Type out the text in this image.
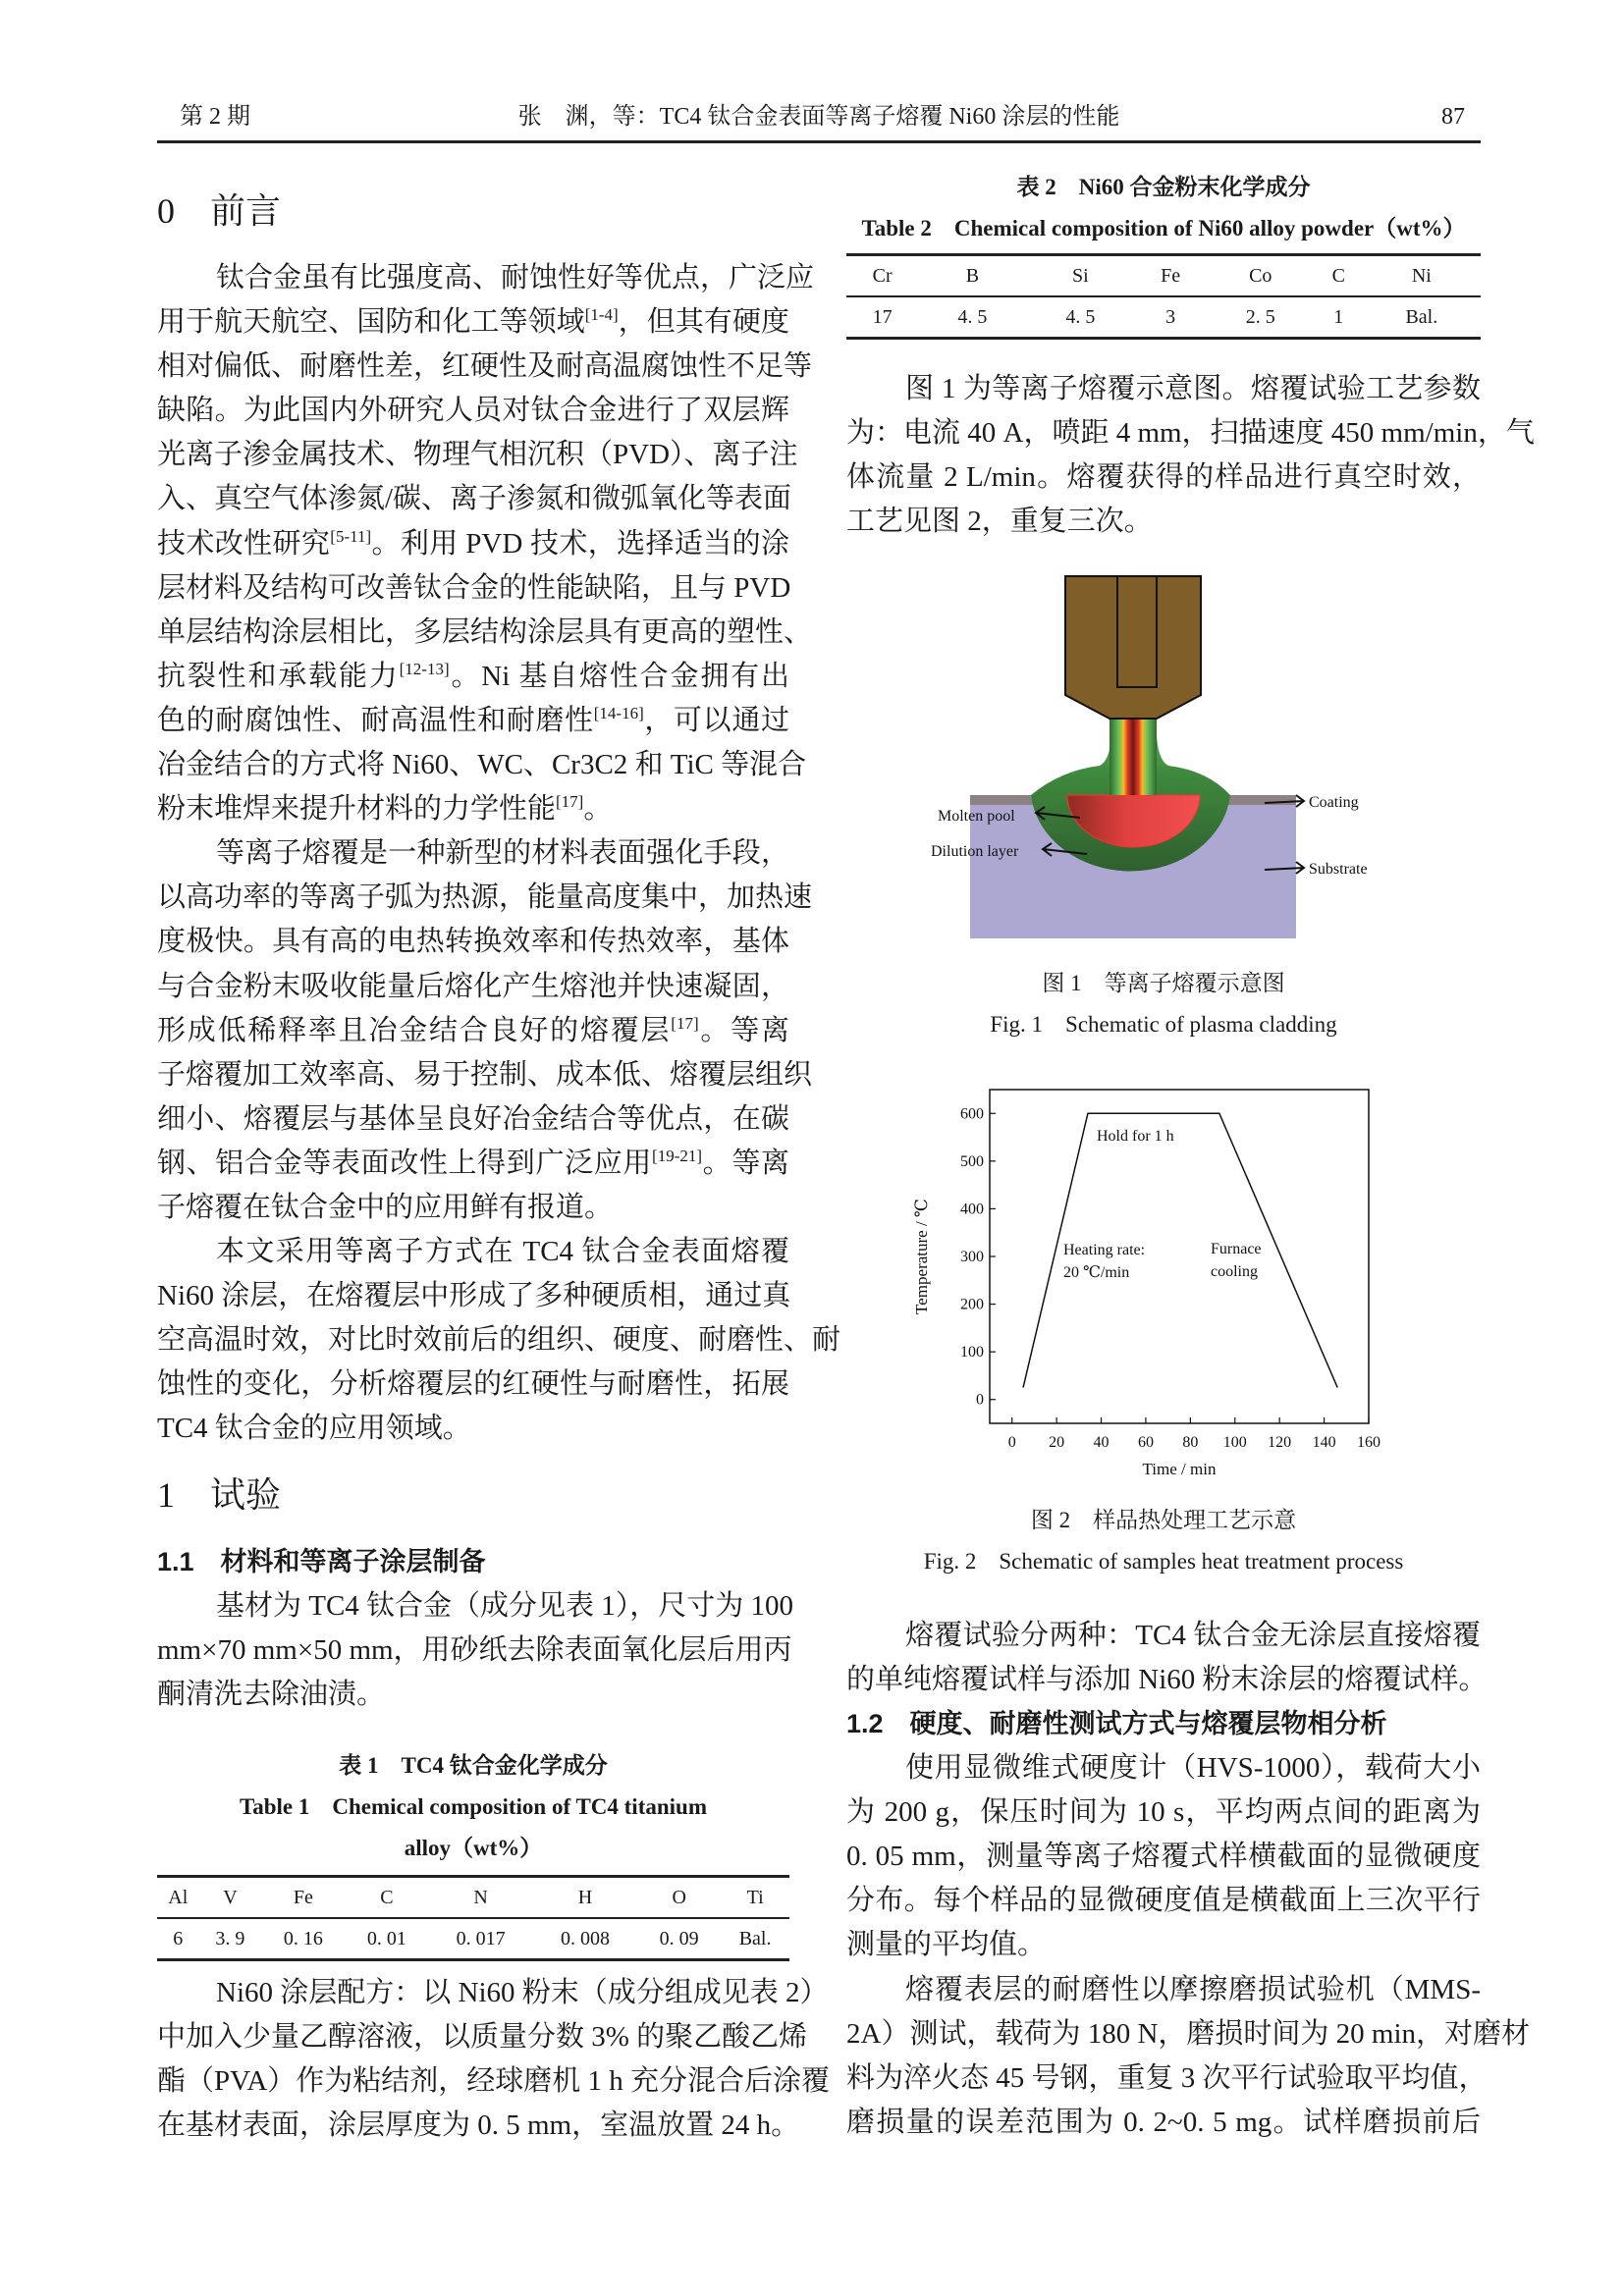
第 2 期	张　渊，等：TC4 钛合金表面等离子熔覆 Ni60 涂层的性能	87
0　前言
钛合金虽有比强度高、耐蚀性好等优点，广泛应
用于航天航空、国防和化工等领域[1-4]，但其有硬度
相对偏低、耐磨性差，红硬性及耐高温腐蚀性不足等
缺陷。为此国内外研究人员对钛合金进行了双层辉
光离子渗金属技术、物理气相沉积（PVD）、离子注
入、真空气体渗氮/碳、离子渗氮和微弧氧化等表面
技术改性研究[5-11]。利用 PVD 技术，选择适当的涂
层材料及结构可改善钛合金的性能缺陷，且与 PVD
单层结构涂层相比，多层结构涂层具有更高的塑性、
抗裂性和承载能力[12-13]。Ni 基自熔性合金拥有出
色的耐腐蚀性、耐高温性和耐磨性[14-16]，可以通过
冶金结合的方式将 Ni60、WC、Cr3C2 和 TiC 等混合
粉末堆焊来提升材料的力学性能[17]。
等离子熔覆是一种新型的材料表面强化手段，
以高功率的等离子弧为热源，能量高度集中，加热速
度极快。具有高的电热转换效率和传热效率，基体
与合金粉末吸收能量后熔化产生熔池并快速凝固，
形成低稀释率且冶金结合良好的熔覆层[17]。等离
子熔覆加工效率高、易于控制、成本低、熔覆层组织
细小、熔覆层与基体呈良好冶金结合等优点，在碳
钢、铝合金等表面改性上得到广泛应用[19-21]。等离
子熔覆在钛合金中的应用鲜有报道。
本文采用等离子方式在 TC4 钛合金表面熔覆
Ni60 涂层，在熔覆层中形成了多种硬质相，通过真
空高温时效，对比时效前后的组织、硬度、耐磨性、耐
蚀性的变化，分析熔覆层的红硬性与耐磨性，拓展
TC4 钛合金的应用领域。
1　试验
1.1　材料和等离子涂层制备
基材为 TC4 钛合金（成分见表 1），尺寸为 100
mm×70 mm×50 mm，用砂纸去除表面氧化层后用丙
酮清洗去除油渍。
表 1　TC4 钛合金化学成分
Table 1　Chemical composition of TC4 titanium
alloy（wt%）
Al	V	Fe	C	N	H	O	Ti
6	3. 9	0. 16	0. 01	0. 017	0. 008	0. 09	Bal.
Ni60 涂层配方：以 Ni60 粉末（成分组成见表 2）
中加入少量乙醇溶液，以质量分数 3% 的聚乙酸乙烯
酯（PVA）作为粘结剂，经球磨机 1 h 充分混合后涂覆
在基材表面，涂层厚度为 0. 5 mm，室温放置 24 h。
表 2　Ni60 合金粉末化学成分
Table 2　Chemical composition of Ni60 alloy powder（wt%）
Cr	B	Si	Fe	Co	C	Ni
17	4. 5	4. 5	3	2. 5	1	Bal.
图 1 为等离子熔覆示意图。熔覆试验工艺参数
为：电流 40 A，喷距 4 mm，扫描速度 450 mm/min，气
体流量 2 L/min。熔覆获得的样品进行真空时效，
工艺见图 2，重复三次。
Molten pool
Dilution layer
Coating
Substrate
图 1　等离子熔覆示意图
Fig. 1　Schematic of plasma cladding
0 20 40 60 80 100 120 140 160
0
100
200
300
400
500
600
Hold for 1 h
Heating rate:
20 ℃/min
Furnace
cooling
Time / min
Temperature / ℃
图 2　样品热处理工艺示意
Fig. 2　Schematic of samples heat treatment process
熔覆试验分两种：TC4 钛合金无涂层直接熔覆
的单纯熔覆试样与添加 Ni60 粉末涂层的熔覆试样。
1.2　硬度、耐磨性测试方式与熔覆层物相分析
使用显微维式硬度计（HVS-1000），载荷大小
为 200 g，保压时间为 10 s，平均两点间的距离为
0. 05 mm，测量等离子熔覆式样横截面的显微硬度
分布。每个样品的显微硬度值是横截面上三次平行
测量的平均值。
熔覆表层的耐磨性以摩擦磨损试验机（MMS-
2A）测试，载荷为 180 N，磨损时间为 20 min，对磨材
料为淬火态 45 号钢，重复 3 次平行试验取平均值，
磨损量的误差范围为 0. 2~0. 5 mg。试样磨损前后
